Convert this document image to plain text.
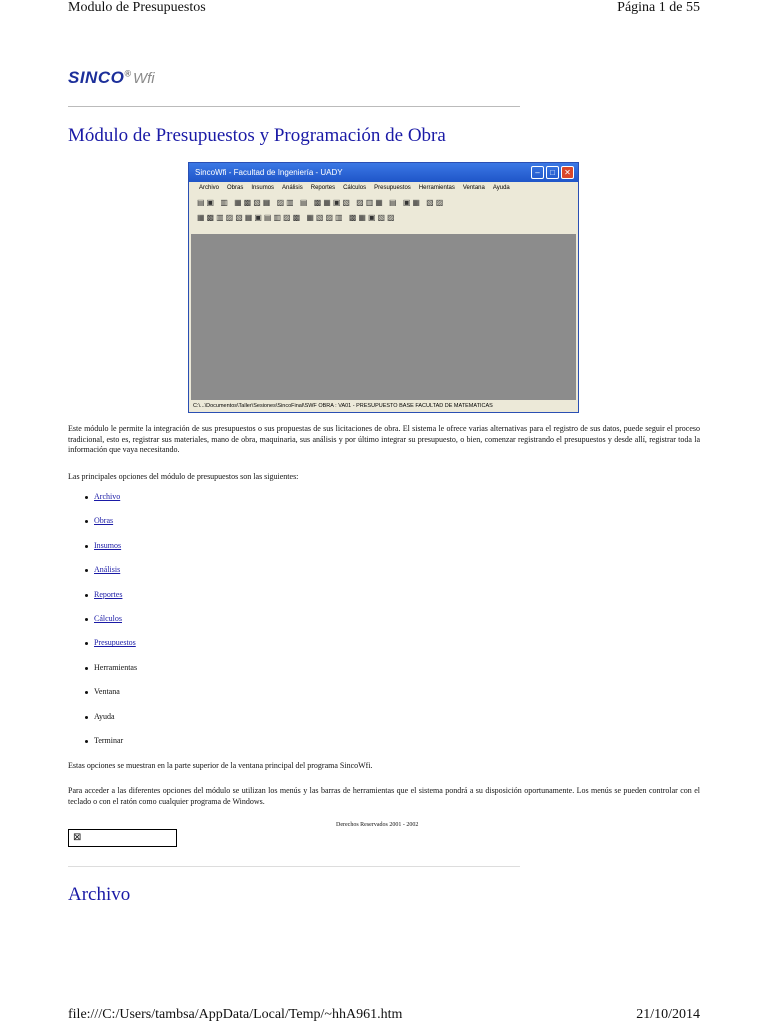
Modulo de Presupuestos	Página 1 de 55
SINCO® Wfi
Módulo de Presupuestos y Programación de Obra
SincoWfi - Facultad de Ingeniería - UADY	–	□	✕
Archivo Obras Insumos Análisis Reportes Cálculos Presupuestos Herramientas Ventana Ayuda
▤▣ ▥ ▦▩▧▦ ▨▥ ▤ ▩▦▣▧ ▨▥▦ ▤ ▣▦ ▧▨
▦▩▥▨▧▦▣▤▥▨▩ ▦▧▨▥ ▩▦▣▧▨
C:\...\Documentos\Taller\Sesiones\SincoFinal\SWF OBRA : VA01 - PRESUPUESTO BASE FACULTAD DE MATEMATICAS
Este módulo le permite la integración de sus presupuestos o sus propuestas de sus licitaciones de obra. El sistema le ofrece varias alternativas para el registro de sus datos, puede seguir el proceso tradicional, esto es, registrar sus materiales, mano de obra, maquinaria, sus análisis y por último integrar su presupuesto, o bien, comenzar registrando el presupuestos y desde allí, registrar toda la información que vaya necesitando.
Las principales opciones del módulo de presupuestos son las siguientes:
Archivo
Obras
Insumos
Análisis
Reportes
Cálculos
Presupuestos
Herramientas
Ventana
Ayuda
Terminar
Estas opciones se muestran en la parte superior de la ventana principal del programa SincoWfi.
Para acceder a las diferentes opciones del módulo se utilizan los menús y las barras de herramientas que el sistema pondrá a su disposición oportunamente. Los menús se pueden controlar con el teclado o con el ratón como cualquier programa de Windows.
Derechos Reservados 2001 - 2002
⊠
Archivo
file:///C:/Users/tambsa/AppData/Local/Temp/~hhA961.htm	21/10/2014
